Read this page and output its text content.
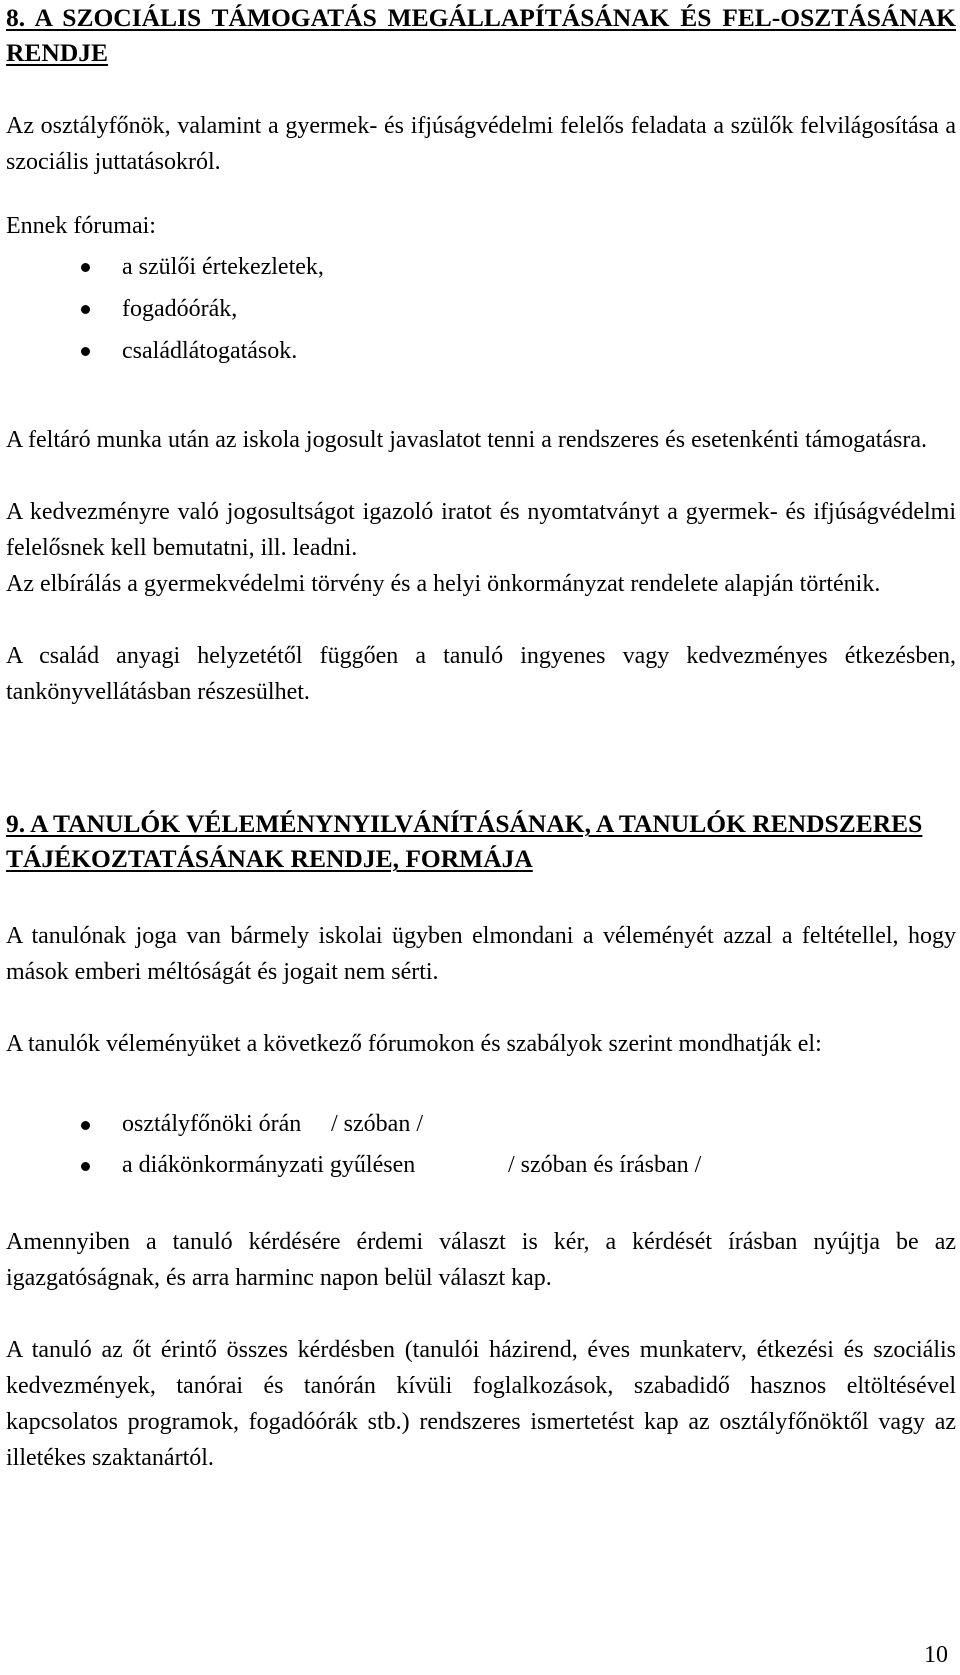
8. A SZOCIÁLIS TÁMOGATÁS MEGÁLLAPÍTÁSÁNAK ÉS FEL-OSZTÁSÁNAK RENDJE

Az osztályfőnök, valamint a gyermek- és ifjúságvédelmi felelős feladata a szülők felvilágosítása a szociális juttatásokról.

Ennek fórumai:

a szülői értekezletek,
fogadóórák,
családlátogatások.

A feltáró munka után az iskola jogosult javaslatot tenni a rendszeres és esetenkénti támogatásra.

A kedvezményre való jogosultságot igazoló iratot és nyomtatványt a gyermek- és ifjúságvédelmi felelősnek kell bemutatni, ill. leadni.

Az elbírálás a gyermekvédelmi törvény és a helyi önkormányzat rendelete alapján történik.

A család anyagi helyzetétől függően a tanuló ingyenes vagy kedvezményes étkezésben, tankönyvellátásban részesülhet.

9. A TANULÓK VÉLEMÉNYNYILVÁNÍTÁSÁNAK, A TANULÓK RENDSZERES TÁJÉKOZTATÁSÁNAK RENDJE, FORMÁJA

A tanulónak joga van bármely iskolai ügyben elmondani a véleményét azzal a feltétellel, hogy mások emberi méltóságát és jogait nem sérti.

A tanulók véleményüket a következő fórumokon és szabályok szerint mondhatják el:

osztályfőnöki órán / szóban /
a diákönkormányzati gyűlésen	/ szóban és írásban /

Amennyiben a tanuló kérdésére érdemi választ is kér, a kérdését írásban nyújtja be az igazgatóságnak, és arra harminc napon belül választ kap.

A tanuló az őt érintő összes kérdésben (tanulói házirend, éves munkaterv, étkezési és szociális kedvezmények, tanórai és tanórán kívüli foglalkozások, szabadidő hasznos eltöltésével kapcsolatos programok, fogadóórák stb.) rendszeres ismertetést kap az osztályfőnöktől vagy az illetékes szaktanártól.

10
